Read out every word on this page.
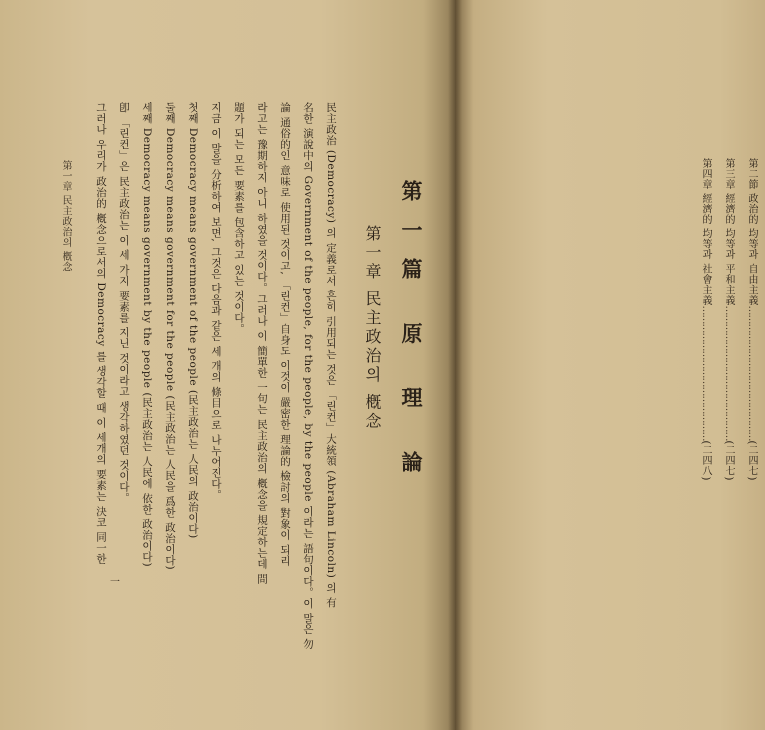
第一篇 原 理 論
第一章 民主政治의 槪念
民主政治 (Democracy) 의 定義로서 흔히 引用되는 것은 「린컨」大統領 (Abraham Lincoln) 의 有
名한 演說中의 Government of the people, for the people, by the people 이라는 語句이다。이 말은 勿
論 通俗的인 意味로 使用된 것이고, 「린컨」自身도 이것이 嚴密한 理論的 檢討의 對象이 되리
라고는 豫期하지 아니 하였을 것이다。그러나 이 簡單한 一句는 民主政治의 槪念을 規定하는데 問
題가 되는 모든 要素를 包含하고 있는 것이다。
지금 이 말을 分析하여 보면, 그것은 다음과 같은 세 개의 條目으로 나누어진다。
첫째 Democracy means government of the people (民主政治는 人民의 政治이다)
둘째 Democracy means government for the people (民主政治는 人民을 爲한 政治이다)
세째 Democracy means government by the people (民主政治는 人民에 依한 政治이다)
卽 「린컨」은 民主政治는 이 세 가지 要素를 지닌 것이라고 생각하였던 것이다。
그러나 우리가 政治的 槪念으로서의 Democracy 를 생각할 때 이 세개의 要素는 決코 同一한
第一章 民主政治의 槪念
一
第二節 政治的 均等과 自由主義………………………………………(二四七)
第三章 經濟的 均等과 平和主義………………………………………(二四七)
第四章 經濟的 均等과 社會主義………………………………………(二四八)
